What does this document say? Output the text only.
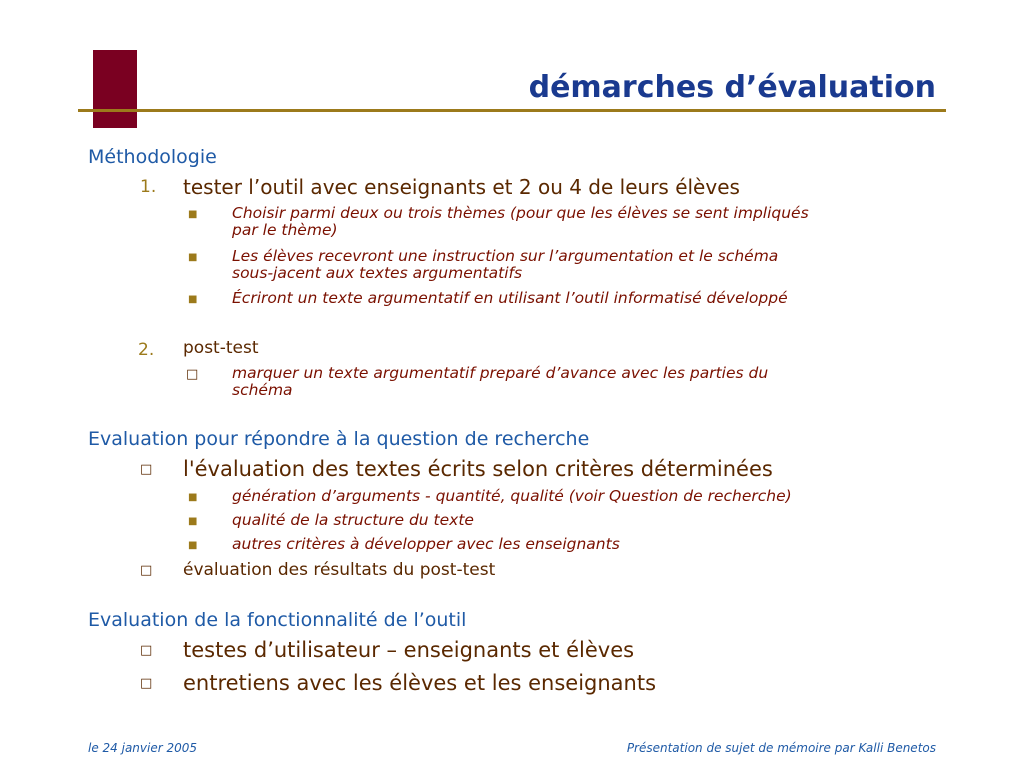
démarches d’évaluation
Méthodologie
1. tester l’outil avec enseignants et 2 ou 4 de leurs élèves
■ Choisir parmi deux ou trois thèmes (pour que les élèves se sent impliqués
par le thème)
■ Les élèves recevront une instruction sur l’argumentation et le schéma
sous-jacent aux textes argumentatifs
■ Écriront un texte argumentatif en utilisant l’outil informatisé développé
2. post-test
□ marquer un texte argumentatif preparé d’avance avec les parties du
schéma
Evaluation pour répondre à la question de recherche
□ l'évaluation des textes écrits selon critères déterminées
■ génération d’arguments - quantité, qualité (voir Question de recherche)
■ qualité de la structure du texte
■ autres critères à développer avec les enseignants
□ évaluation des résultats du post-test
Evaluation de la fonctionnalité de l’outil
□ testes d’utilisateur – enseignants et élèves
□ entretiens avec les élèves et les enseignants
le 24 janvier 2005	Présentation de sujet de mémoire par Kalli Benetos
